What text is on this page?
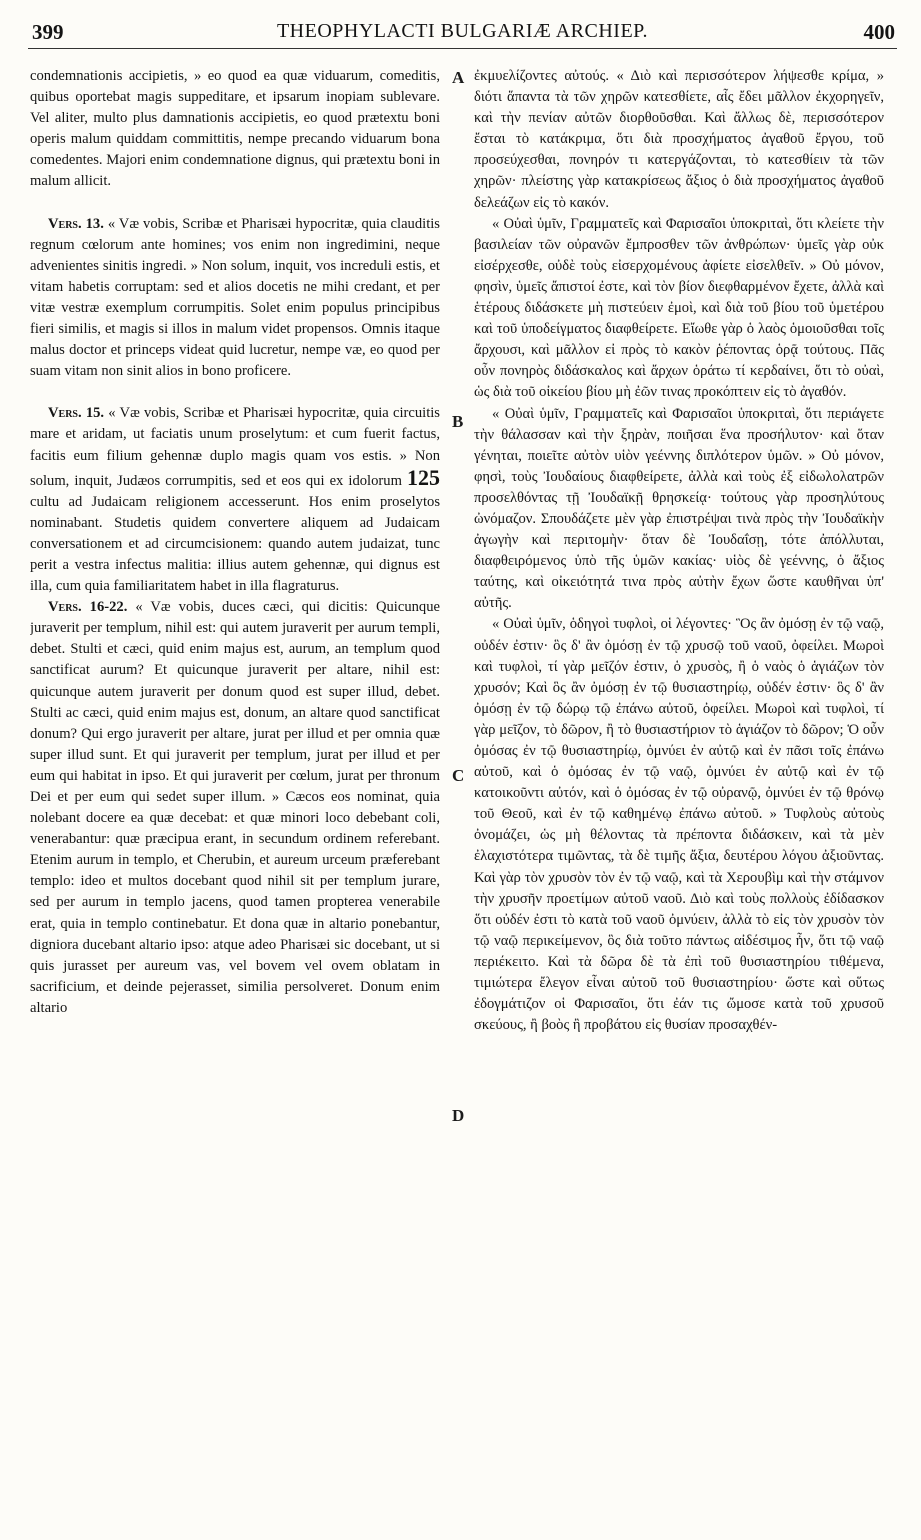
399	THEOPHYLACTI BULGARIÆ ARCHIEP.	400

condemnationis accipietis, » eo quod ea quæ viduarum, comeditis, quibus oportebat magis suppeditare, et ipsarum inopiam sublevare. Vel aliter, multo plus damnationis accipietis, eo quod prætextu boni operis malum quiddam committitis, nempe precando viduarum bona comedentes. Majori enim condemnatione dignus, qui prætextu boni in malum allicit.

Vers. 13. « Væ vobis, Scribæ et Pharisæi hypocritæ, quia clauditis regnum cœlorum ante homines; vos enim non ingredimini, neque advenientes sinitis ingredi. » Non solum, inquit, vos increduli estis, et vitam habetis corruptam: sed et alios docetis ne mihi credant, et per vitæ vestræ exemplum corrumpitis. Solet enim populus principibus fieri similis, et magis si illos in malum videt propensos. Omnis itaque malus doctor et princeps videat quid lucretur, nempe væ, eo quod per suam vitam non sinit alios in bono proficere.

Vers. 15. « Væ vobis, Scribæ et Pharisæi hypocritæ, quia circuitis mare et aridam, ut faciatis unum proselytum: et cum fuerit factus, facitis eum filium gehennæ duplo magis quam vos estis. » Non solum, inquit, Judæos corrumpitis, sed et eos qui ex idolorum 125 cultu ad Judaicam religionem accesserunt. Hos enim proselytos nominabant. Studetis quidem convertere aliquem ad Judaicam conversationem et ad circumcisionem: quando autem judaizat, tunc perit a vestra infectus malitia: illius autem gehennæ, qui dignus est illa, cum quia familiaritatem habet in illa flagraturus.

Vers. 16-22. « Væ vobis, duces cæci, qui dicitis: Quicunque juraverit per templum, nihil est: qui autem juraverit per aurum templi, debet. Stulti et cæci, quid enim majus est, aurum, an templum quod sanctificat aurum? Et quicunque juraverit per altare, nihil est: quicunque autem juraverit per donum quod est super illud, debet. Stulti ac cæci, quid enim majus est, donum, an altare quod sanctificat donum? Qui ergo juraverit per altare, jurat per illud et per omnia quæ super illud sunt. Et qui juraverit per templum, jurat per illud et per eum qui habitat in ipso. Et qui juraverit per cœlum, jurat per thronum Dei et per eum qui sedet super illum. » Cæcos eos nominat, quia nolebant docere ea quæ decebat: et quæ minori loco debebant coli, venerabantur: quæ præcipua erant, in secundum ordinem referebant. Etenim aurum in templo, et Cherubin, et aureum urceum præferebant templo: ideo et multos docebant quod nihil sit per templum jurare, sed per aurum in templo jacens, quod tamen propterea venerabile erat, quia in templo continebatur. Et dona quæ in altario ponebantur, digniora ducebant altario ipso: atque adeo Pharisæi sic docebant, ut si quis jurasset per aureum vas, vel bovem vel ovem oblatam in sacrificium, et deinde pejerasset, similia persolveret. Donum enim altario

A
B
C
D

ἐκμυελίζοντες αὐτούς. « Διὸ καὶ περισσότερον λήψεσθε κρίμα, » διότι ἅπαντα τὰ τῶν χηρῶν κατεσθίετε, αἷς ἔδει μᾶλλον ἐκχορηγεῖν, καὶ τὴν πενίαν αὐτῶν διορθοῦσθαι. Καὶ ἄλλως δὲ, περισσότερον ἔσται τὸ κατάκριμα, ὅτι διὰ προσχήματος ἀγαθοῦ ἔργου, τοῦ προσεύχεσθαι, πονηρόν τι κατεργάζονται, τὸ κατεσθίειν τὰ τῶν χηρῶν· πλείστης γὰρ κατακρίσεως ἄξιος ὁ διὰ προσχήματος ἀγαθοῦ δελεάζων εἰς τὸ κακόν.

« Οὐαὶ ὑμῖν, Γραμματεῖς καὶ Φαρισαῖοι ὑποκριταὶ, ὅτι κλείετε τὴν βασιλείαν τῶν οὐρανῶν ἔμπροσθεν τῶν ἀνθρώπων· ὑμεῖς γὰρ οὐκ εἰσέρχεσθε, οὐδὲ τοὺς εἰσερχομένους ἀφίετε εἰσελθεῖν. » Οὐ μόνον, φησὶν, ὑμεῖς ἄπιστοί ἐστε, καὶ τὸν βίον διεφθαρμένον ἔχετε, ἀλλὰ καὶ ἑτέρους διδάσκετε μὴ πιστεύειν ἐμοὶ, καὶ διὰ τοῦ βίου τοῦ ὑμετέρου καὶ τοῦ ὑποδείγματος διαφθείρετε. Εἴωθε γὰρ ὁ λαὸς ὁμοιοῦσθαι τοῖς ἄρχουσι, καὶ μᾶλλον εἰ πρὸς τὸ κακὸν ῥέποντας ὁρᾷ τούτους. Πᾶς οὖν πονηρὸς διδάσκαλος καὶ ἄρχων ὁράτω τί κερδαίνει, ὅτι τὸ οὐαὶ, ὡς διὰ τοῦ οἰκείου βίου μὴ ἐῶν τινας προκόπτειν εἰς τὸ ἀγαθόν.

« Οὐαὶ ὑμῖν, Γραμματεῖς καὶ Φαρισαῖοι ὑποκριταὶ, ὅτι περιάγετε τὴν θάλασσαν καὶ τὴν ξηρὰν, ποιῆσαι ἕνα προσήλυτον· καὶ ὅταν γένηται, ποιεῖτε αὐτὸν υἱὸν γεέννης διπλότερον ὑμῶν. » Οὐ μόνον, φησὶ, τοὺς Ἰουδαίους διαφθείρετε, ἀλλὰ καὶ τοὺς ἐξ εἰδωλολατρῶν προσελθόντας τῇ Ἰουδαϊκῇ θρησκείᾳ· τούτους γὰρ προσηλύτους ὠνόμαζον. Σπουδάζετε μὲν γὰρ ἐπιστρέψαι τινὰ πρὸς τὴν Ἰουδαϊκὴν ἀγωγὴν καὶ περιτομὴν· ὅταν δὲ Ἰουδαΐσῃ, τότε ἀπόλλυται, διαφθειρόμενος ὑπὸ τῆς ὑμῶν κακίας· υἱὸς δὲ γεέννης, ὁ ἄξιος ταύτης, καὶ οἰκειότητά τινα πρὸς αὐτὴν ἔχων ὥστε καυθῆναι ὑπ' αὐτῆς.

« Οὐαὶ ὑμῖν, ὁδηγοὶ τυφλοὶ, οἱ λέγοντες· Ὃς ἂν ὀμόσῃ ἐν τῷ ναῷ, οὐδέν ἐστιν· ὃς δ' ἂν ὀμόσῃ ἐν τῷ χρυσῷ τοῦ ναοῦ, ὀφείλει. Μωροὶ καὶ τυφλοὶ, τί γὰρ μεῖζόν ἐστιν, ὁ χρυσὸς, ἢ ὁ ναὸς ὁ ἁγιάζων τὸν χρυσόν; Καὶ ὃς ἂν ὀμόσῃ ἐν τῷ θυσιαστηρίῳ, οὐδέν ἐστιν· ὃς δ' ἂν ὀμόσῃ ἐν τῷ δώρῳ τῷ ἐπάνω αὐτοῦ, ὀφείλει. Μωροὶ καὶ τυφλοὶ, τί γὰρ μεῖζον, τὸ δῶρον, ἢ τὸ θυσιαστήριον τὸ ἁγιάζον τὸ δῶρον; Ὁ οὖν ὀμόσας ἐν τῷ θυσιαστηρίῳ, ὀμνύει ἐν αὐτῷ καὶ ἐν πᾶσι τοῖς ἐπάνω αὐτοῦ, καὶ ὁ ὀμόσας ἐν τῷ ναῷ, ὀμνύει ἐν αὐτῷ καὶ ἐν τῷ κατοικοῦντι αὐτόν, καὶ ὁ ὀμόσας ἐν τῷ οὐρανῷ, ὀμνύει ἐν τῷ θρόνῳ τοῦ Θεοῦ, καὶ ἐν τῷ καθημένῳ ἐπάνω αὐτοῦ. » Τυφλοὺς αὐτοὺς ὀνομάζει, ὡς μὴ θέλοντας τὰ πρέποντα διδάσκειν, καὶ τὰ μὲν ἐλαχιστότερα τιμῶντας, τὰ δὲ τιμῆς ἄξια, δευτέρου λόγου ἀξιοῦντας. Καὶ γὰρ τὸν χρυσὸν τὸν ἐν τῷ ναῷ, καὶ τὰ Χερουβὶμ καὶ τὴν στάμνον τὴν χρυσῆν προετίμων αὐτοῦ ναοῦ. Διὸ καὶ τοὺς πολλοὺς ἐδίδασκον ὅτι οὐδέν ἐστι τὸ κατὰ τοῦ ναοῦ ὀμνύειν, ἀλλὰ τὸ εἰς τὸν χρυσὸν τὸν τῷ ναῷ περικείμενον, ὃς διὰ τοῦτο πάντως αἰδέσιμος ἦν, ὅτι τῷ ναῷ περιέκειτο. Καὶ τὰ δῶρα δὲ τὰ ἐπὶ τοῦ θυσιαστηρίου τιθέμενα, τιμιώτερα ἔλεγον εἶναι αὐτοῦ τοῦ θυσιαστηρίου· ὥστε καὶ οὕτως ἐδογμάτιζον οἱ Φαρισαῖοι, ὅτι ἐάν τις ὤμοσε κατὰ τοῦ χρυσοῦ σκεύους, ἢ βοὸς ἢ προβάτου εἰς θυσίαν προσαχθέν-
